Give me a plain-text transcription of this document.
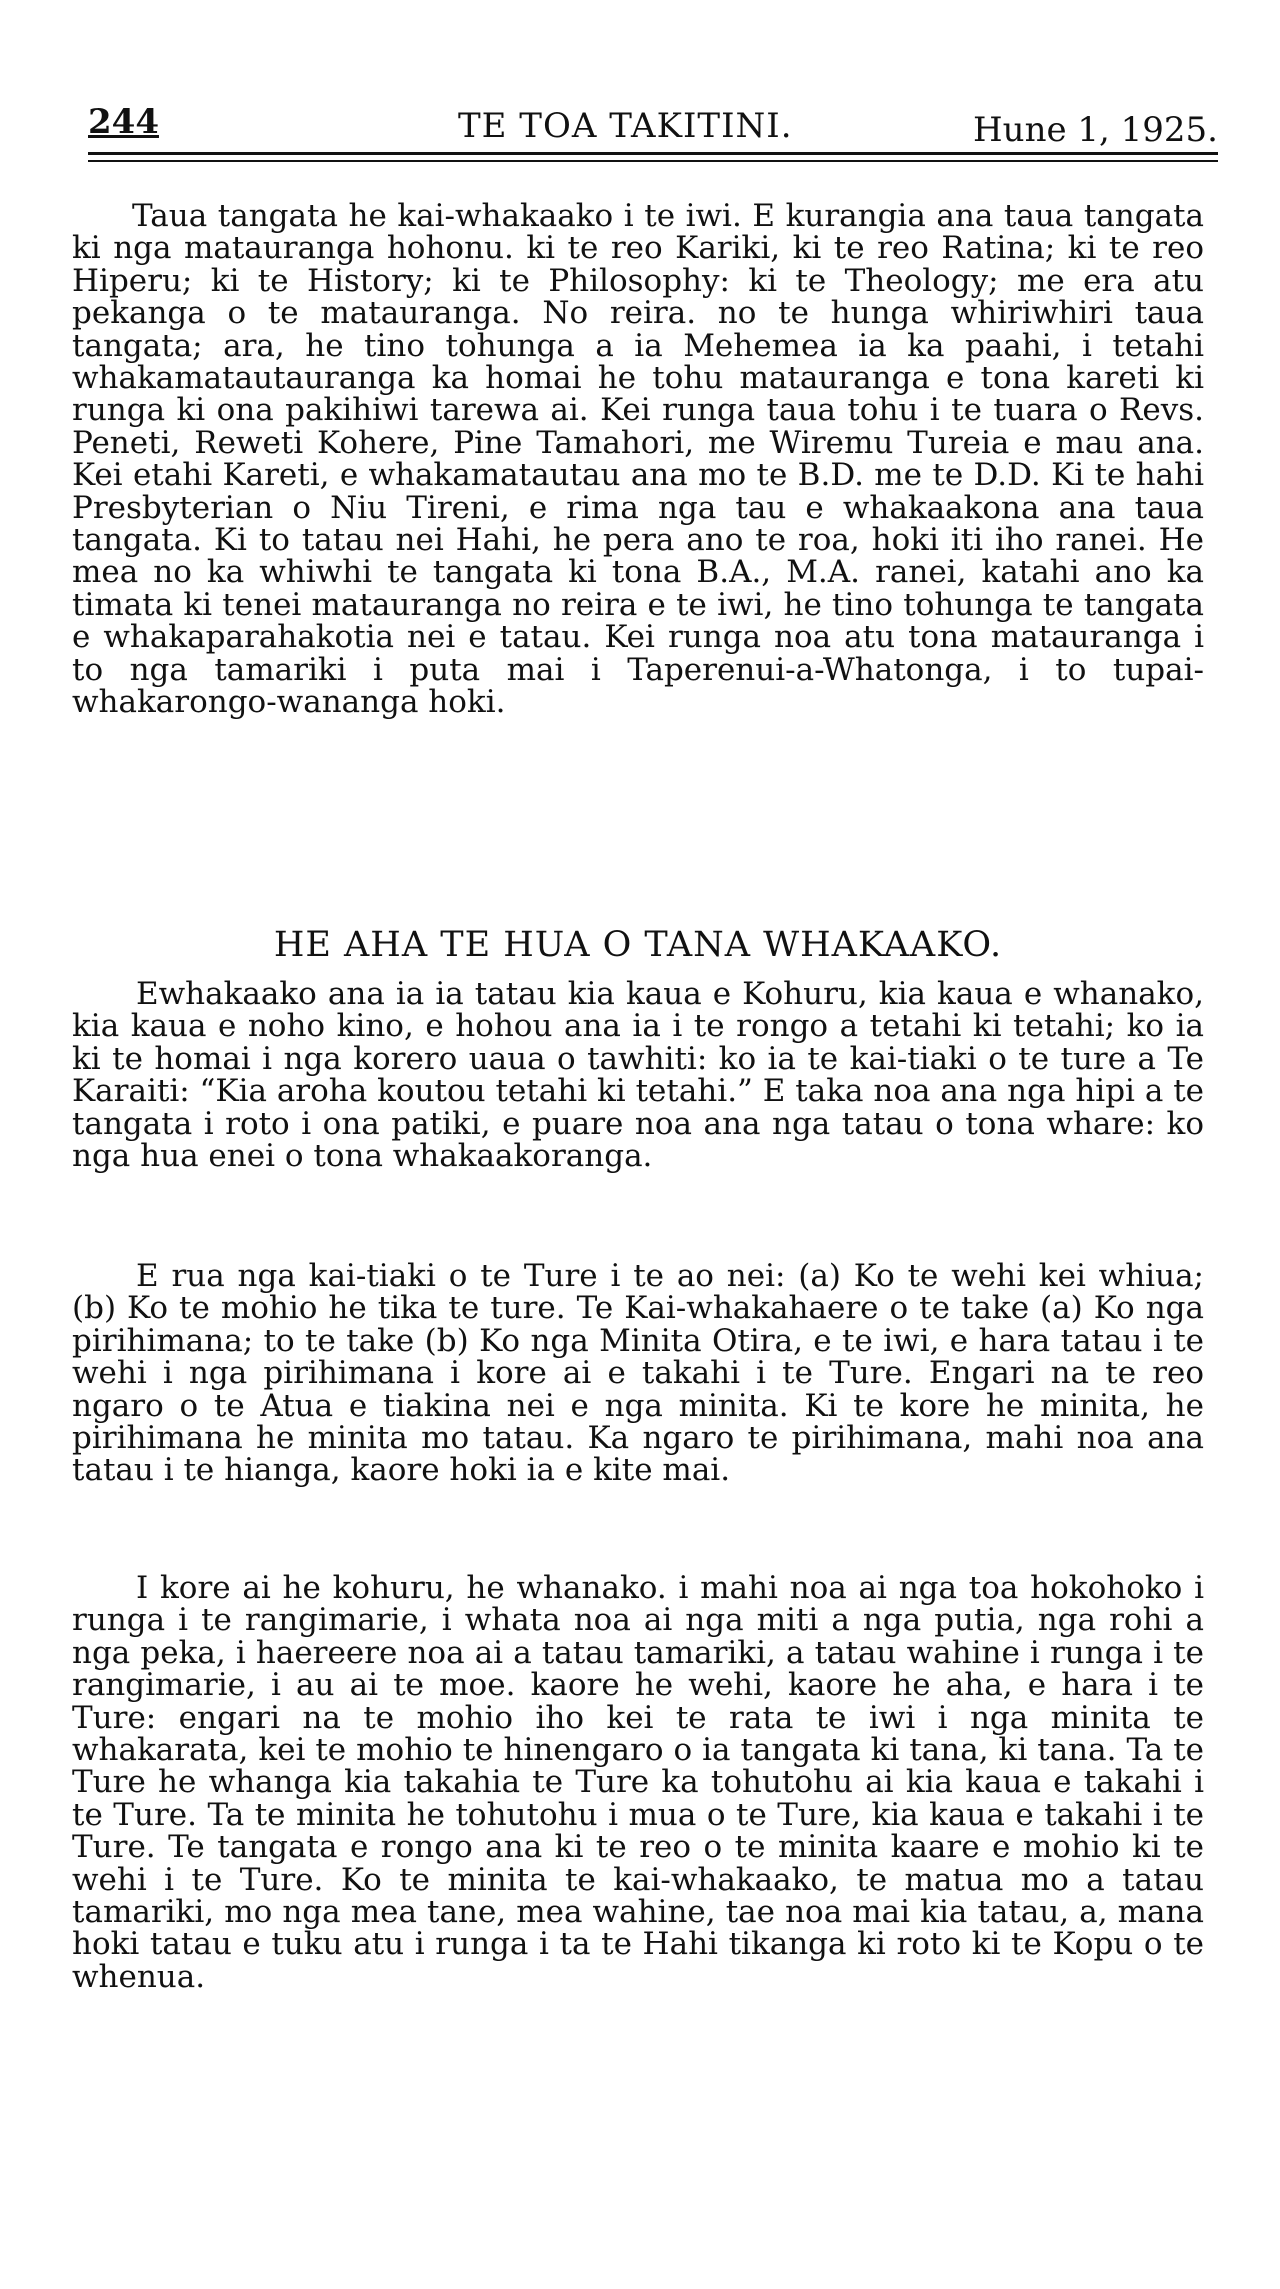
244	TE TOA TAKITINI.	Hune 1, 1925.

Taua tangata he kai-whakaako i te iwi. E kurangia ana taua tangata ki nga matauranga hohonu. ki te reo Kariki, ki te reo Ratina; ki te reo Hiperu; ki te History; ki te Philosophy: ki te Theology; me era atu pekanga o te matauranga. No reira. no te hunga whiriwhiri taua tangata; ara, he tino tohunga a ia Mehemea ia ka paahi, i tetahi whakamatautauranga ka homai he tohu matauranga e tona kareti ki runga ki ona pakihiwi tarewa ai. Kei runga taua tohu i te tuara o Revs. Peneti, Reweti Kohere, Pine Tamahori, me Wiremu Tureia e mau ana. Kei etahi Kareti, e whakamatautau ana mo te B.D. me te D.D. Ki te hahi Presbyterian o Niu Tireni, e rima nga tau e whakaakona ana taua tangata. Ki to tatau nei Hahi, he pera ano te roa, hoki iti iho ranei. He mea no ka whiwhi te tangata ki tona B.A., M.A. ranei, katahi ano ka timata ki tenei matauranga no reira e te iwi, he tino tohunga te tangata e whakaparahakotia nei e tatau. Kei runga noa atu tona matauranga i to nga tamariki i puta mai i Taperenui-a-Whatonga, i to tupai-whakarongo-wananga hoki.

HE AHA TE HUA O TANA WHAKAAKO.

Ewhakaako ana ia ia tatau kia kaua e Kohuru, kia kaua e whanako, kia kaua e noho kino, e hohou ana ia i te rongo a tetahi ki tetahi; ko ia ki te homai i nga korero uaua o tawhiti: ko ia te kai-tiaki o te ture a Te Karaiti: “Kia aroha koutou tetahi ki tetahi.” E taka noa ana nga hipi a te tangata i roto i ona patiki, e puare noa ana nga tatau o tona whare: ko nga hua enei o tona whakaakoranga.

E rua nga kai-tiaki o te Ture i te ao nei: (a) Ko te wehi kei whiua; (b) Ko te mohio he tika te ture. Te Kai-whakahaere o te take (a) Ko nga pirihimana; to te take (b) Ko nga Minita Otira, e te iwi, e hara tatau i te wehi i nga pirihimana i kore ai e takahi i te Ture. Engari na te reo ngaro o te Atua e tiakina nei e nga minita. Ki te kore he minita, he pirihimana he minita mo tatau. Ka ngaro te pirihimana, mahi noa ana tatau i te hianga, kaore hoki ia e kite mai.

I kore ai he kohuru, he whanako. i mahi noa ai nga toa hokohoko i runga i te rangimarie, i whata noa ai nga miti a nga putia, nga rohi a nga peka, i haereere noa ai a tatau tamariki, a tatau wahine i runga i te rangimarie, i au ai te moe. kaore he wehi, kaore he aha, e hara i te Ture: engari na te mohio iho kei te rata te iwi i nga minita te whakarata, kei te mohio te hinengaro o ia tangata ki tana, ki tana. Ta te Ture he whanga kia takahia te Ture ka tohutohu ai kia kaua e takahi i te Ture. Ta te minita he tohutohu i mua o te Ture, kia kaua e takahi i te Ture. Te tangata e rongo ana ki te reo o te minita kaare e mohio ki te wehi i te Ture. Ko te minita te kai-whakaako, te matua mo a tatau tamariki, mo nga mea tane, mea wahine, tae noa mai kia tatau, a, mana hoki tatau e tuku atu i runga i ta te Hahi tikanga ki roto ki te Kopu o te whenua.
